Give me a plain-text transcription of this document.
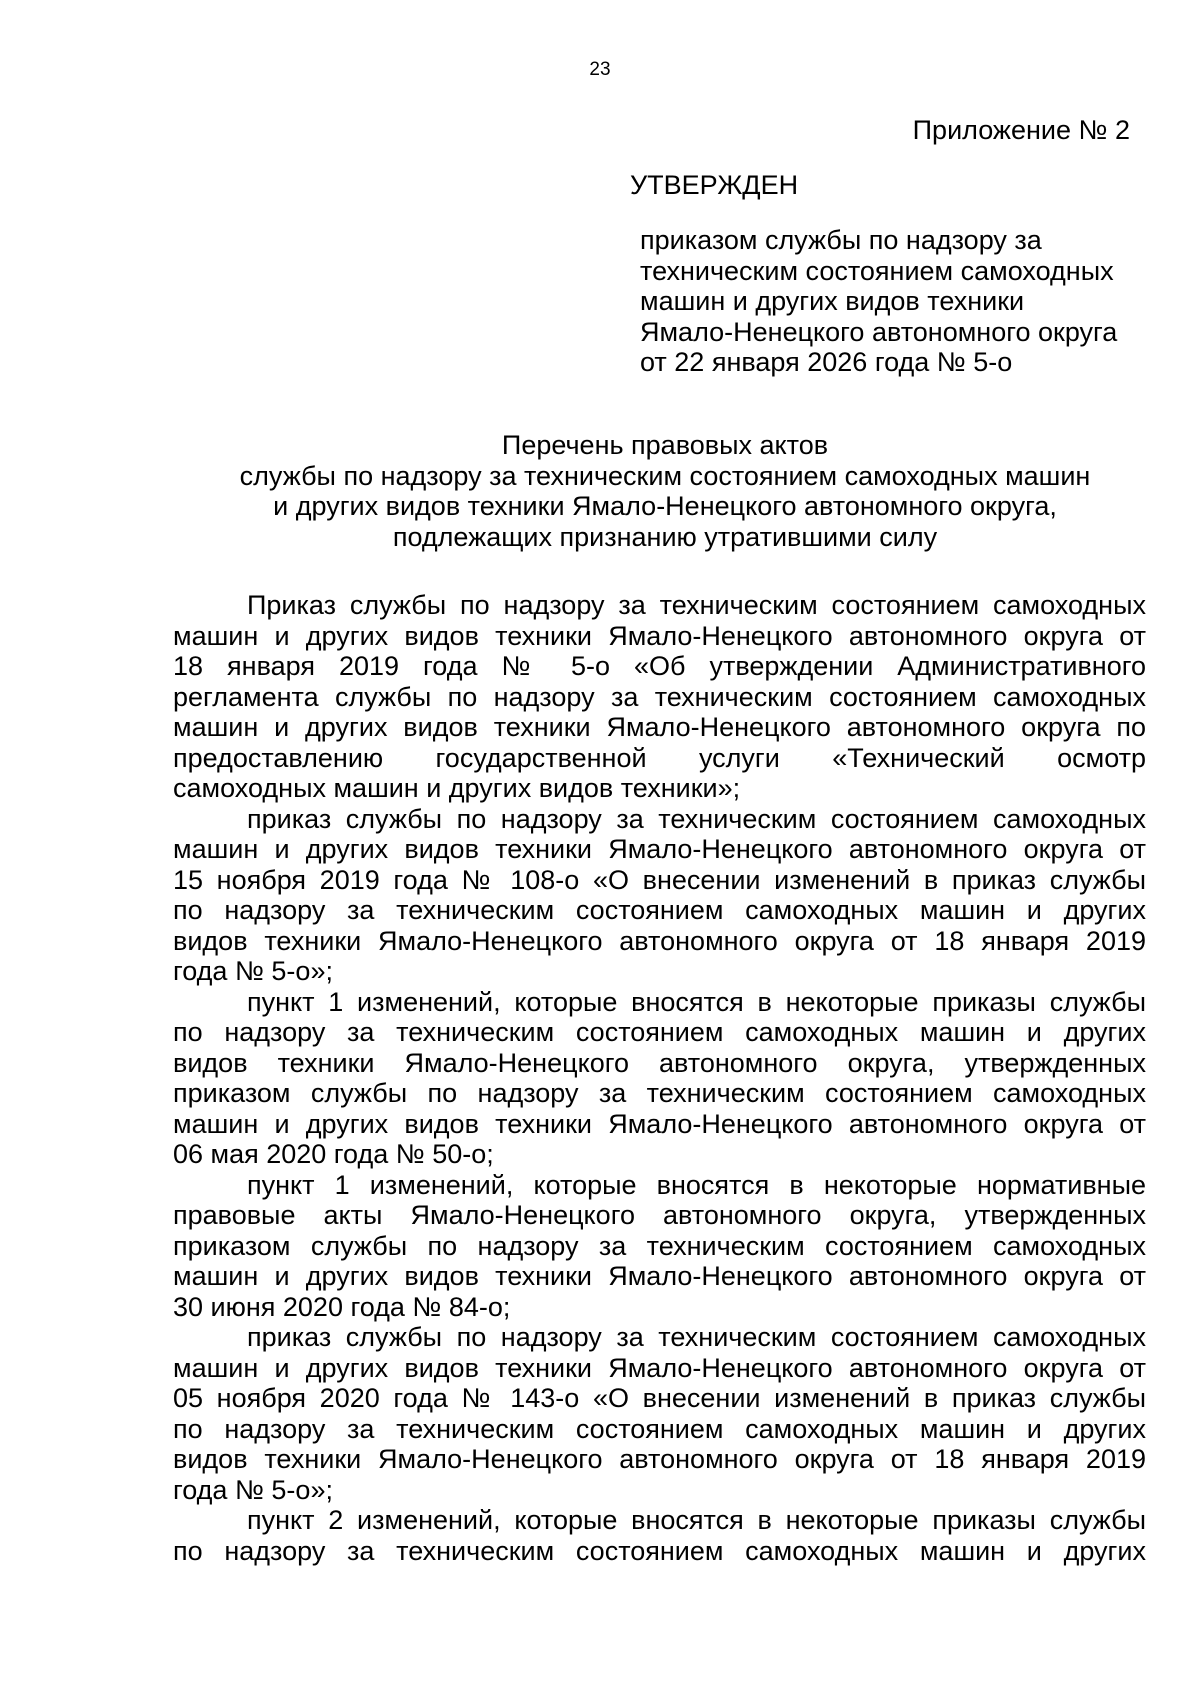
23
Приложение № 2
УТВЕРЖДЕН
приказом службы по надзору за
техническим состоянием самоходных
машин и других видов техники
Ямало-Ненецкого автономного округа
от 22 января 2026 года № 5-о
Перечень правовых актов
службы по надзору за техническим состоянием самоходных машин
и других видов техники Ямало-Ненецкого автономного округа,
подлежащих признанию утратившими силу

Приказ службы по надзору за техническим состоянием самоходных
машин и других видов техники Ямало-Ненецкого автономного округа от
18 января 2019 года № 5-о «Об утверждении Административного
регламента службы по надзору за техническим состоянием самоходных
машин и других видов техники Ямало-Ненецкого автономного округа по
предоставлению государственной услуги «Технический осмотр
самоходных машин и других видов техники»;

приказ службы по надзору за техническим состоянием самоходных
машин и других видов техники Ямало-Ненецкого автономного округа от
15 ноября 2019 года № 108-о «О внесении изменений в приказ службы
по надзору за техническим состоянием самоходных машин и других
видов техники Ямало-Ненецкого автономного округа от 18 января 2019
года № 5-о»;

пункт 1 изменений, которые вносятся в некоторые приказы службы
по надзору за техническим состоянием самоходных машин и других
видов техники Ямало-Ненецкого автономного округа, утвержденных
приказом службы по надзору за техническим состоянием самоходных
машин и других видов техники Ямало-Ненецкого автономного округа от
06 мая 2020 года № 50-о;

пункт 1 изменений, которые вносятся в некоторые нормативные
правовые акты Ямало-Ненецкого автономного округа, утвержденных
приказом службы по надзору за техническим состоянием самоходных
машин и других видов техники Ямало-Ненецкого автономного округа от
30 июня 2020 года № 84-о;

приказ службы по надзору за техническим состоянием самоходных
машин и других видов техники Ямало-Ненецкого автономного округа от
05 ноября 2020 года № 143-о «О внесении изменений в приказ службы
по надзору за техническим состоянием самоходных машин и других
видов техники Ямало-Ненецкого автономного округа от 18 января 2019
года № 5-о»;

пункт 2 изменений, которые вносятся в некоторые приказы службы
по надзору за техническим состоянием самоходных машин и других
